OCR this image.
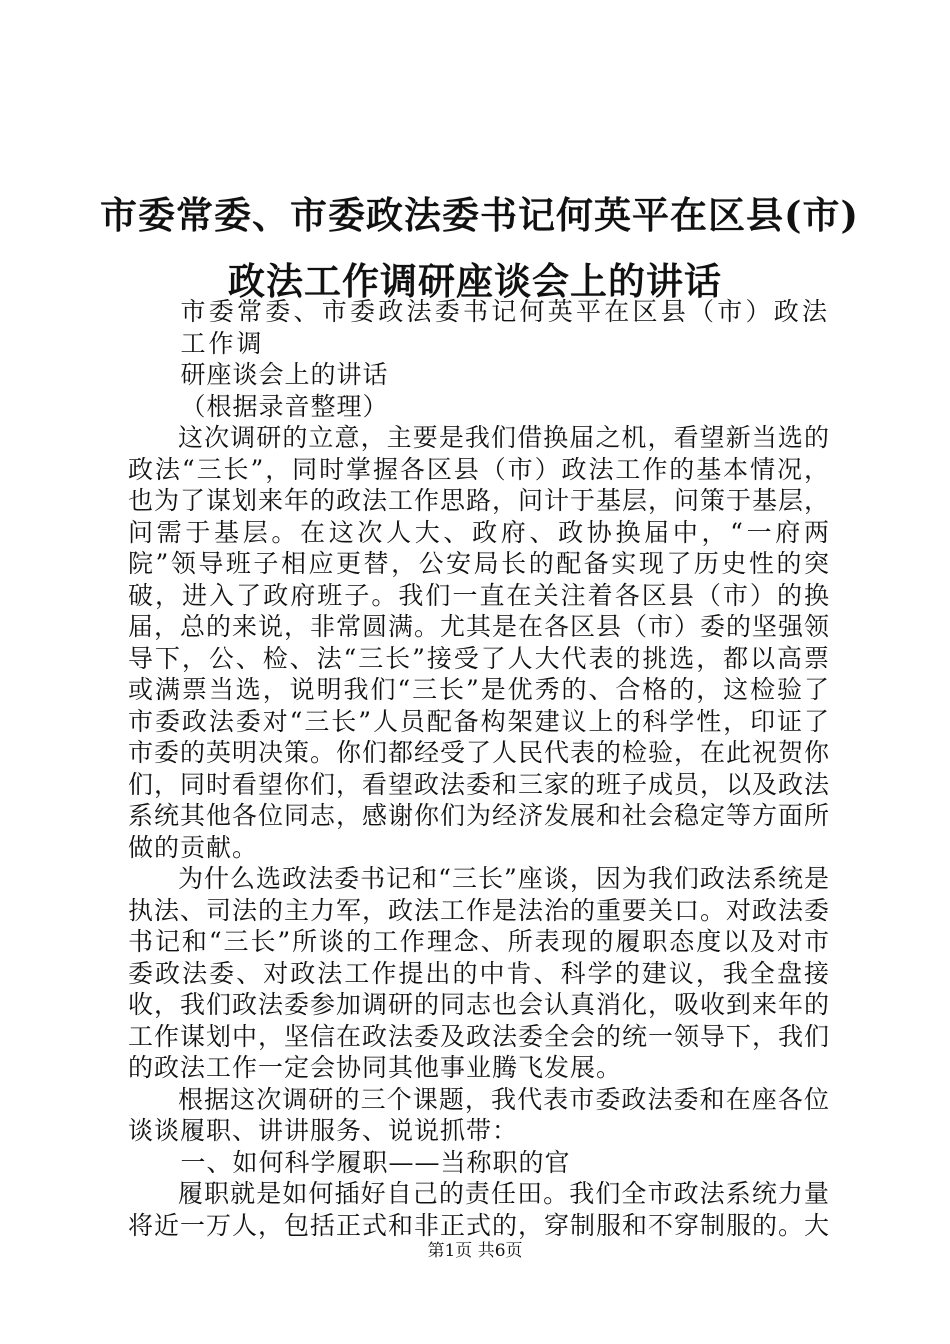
市委常委、市委政法委书记何英平在区县(市)
政法工作调研座谈会上的讲话

市委常委、市委政法委书记何英平在区县（市）政法工作调

研座谈会上的讲话

（根据录音整理）

这次调研的立意，主要是我们借换届之机，看望新当选的政法“三长”，同时掌握各区县（市）政法工作的基本情况，也为了谋划来年的政法工作思路，问计于基层，问策于基层，问需于基层。在这次人大、政府、政协换届中，“一府两院”领导班子相应更替，公安局长的配备实现了历史性的突破，进入了政府班子。我们一直在关注着各区县（市）的换届，总的来说，非常圆满。尤其是在各区县（市）委的坚强领导下，公、检、法“三长”接受了人大代表的挑选，都以高票或满票当选，说明我们“三长”是优秀的、合格的，这检验了市委政法委对“三长”人员配备构架建议上的科学性，印证了市委的英明决策。你们都经受了人民代表的检验，在此祝贺你们，同时看望你们，看望政法委和三家的班子成员，以及政法系统其他各位同志，感谢你们为经济发展和社会稳定等方面所做的贡献。

为什么选政法委书记和“三长”座谈，因为我们政法系统是执法、司法的主力军，政法工作是法治的重要关口。对政法委书记和“三长”所谈的工作理念、所表现的履职态度以及对市委政法委、对政法工作提出的中肯、科学的建议，我全盘接收，我们政法委参加调研的同志也会认真消化，吸收到来年的工作谋划中，坚信在政法委及政法委全会的统一领导下，我们的政法工作一定会协同其他事业腾飞发展。

根据这次调研的三个课题，我代表市委政法委和在座各位谈谈履职、讲讲服务、说说抓带：

一、如何科学履职——当称职的官

履职就是如何插好自己的责任田。我们全市政法系统力量将近一万人，包括正式和非正式的，穿制服和不穿制服的。大

第1页 共6页
